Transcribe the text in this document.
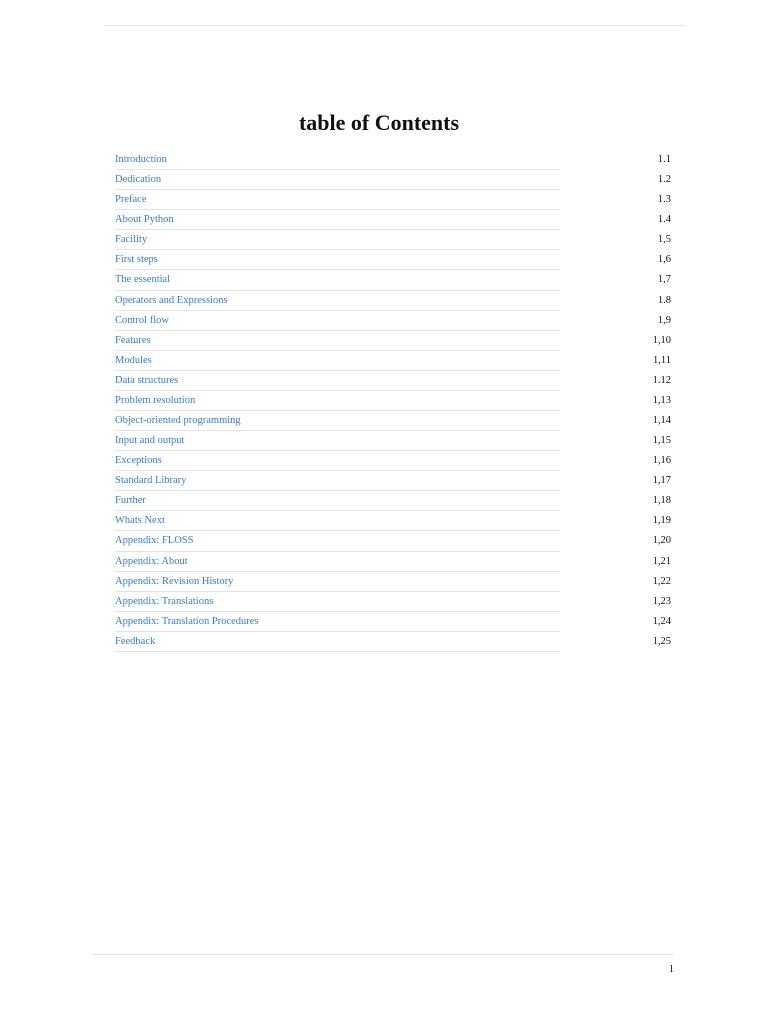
table of Contents
Introduction	1.1
Dedication	1.2
Preface	1.3
About Python	1.4
Facility	1,5
First steps	1,6
The essential	1,7
Operators and Expressions	1.8
Control flow	1,9
Features	1,10
Modules	1,11
Data structures	1.12
Problem resolution	1,13
Object-oriented programming	1,14
Input and output	1,15
Exceptions	1,16
Standard Library	1,17
Further	1,18
Whats Next	1,19
Appendix: FLOSS	1,20
Appendix: About	1,21
Appendix: Revision History	1,22
Appendix: Translations	1,23
Appendix: Translation Procedures	1,24
Feedback	1,25
1
